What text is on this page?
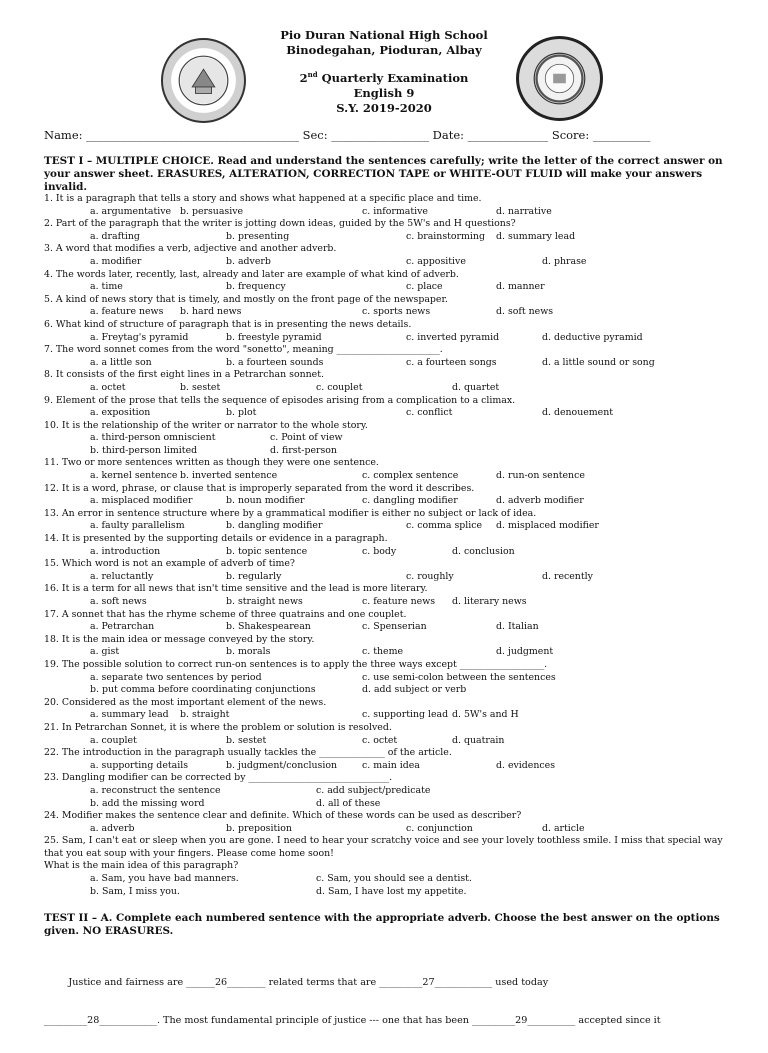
Pio Duran National High School
Binodegahan, Pioduran, Albay
2nd Quarterly Examination
English 9
S.Y. 2019-2020
Name: _____________________________________ Sec: _________________ Date: ______________ Score: __________
TEST I – MULTIPLE CHOICE. Read and understand the sentences carefully; write the letter of the correct answer on your answer sheet. ERASURES, ALTERATION, CORRECTION TAPE or WHITE-OUT FLUID will make your answers invalid.
1. It is a paragraph that tells a story and shows what happened at a specific place and time.
a. argumentative b. persuasive	c. informative	d. narrative
2. Part of the paragraph that the writer is jotting down ideas, guided by the 5W's and H questions?
a. drafting	b. presenting	c. brainstorming d. summary lead
3. A word that modifies a verb, adjective and another adverb.
a. modifier	b. adverb	c. appositive	d. phrase
4. The words later, recently, last, already and later are example of what kind of adverb.
a. time	b. frequency	c. place	d. manner
5. A kind of news story that is timely, and mostly on the front page of the newspaper.
a. feature news b. hard news	c. sports news	d. soft news
6. What kind of structure of paragraph that is in presenting the news details.
a. Freytag's pyramid	b. freestyle pyramid	c. inverted pyramid	d. deductive pyramid
7. The word sonnet comes from the word "sonetto", meaning ______________________.
a. a little son	b. a fourteen sounds	c. a fourteen songs	d. a little sound or song
8. It consists of the first eight lines in a Petrarchan sonnet.
a. octet	b. sestet	c. couplet	d. quartet
9. Element of the prose that tells the sequence of episodes arising from a complication to a climax.
a. exposition	b. plot	c. conflict	d. denouement
10. It is the relationship of the writer or narrator to the whole story.
a. third-person omniscient	c. Point of view
b. third-person limited	d. first-person
11. Two or more sentences written as though they were one sentence.
a. kernel sentence b. inverted sentence	c. complex sentence	d. run-on sentence
12. It is a word, phrase, or clause that is improperly separated from the word it describes.
a. misplaced modifier	b. noun modifier	c. dangling modifier	d. adverb modifier
13. An error in sentence structure where by a grammatical modifier is either no subject or lack of idea.
a. faulty parallelism	b. dangling modifier	c. comma splice d. misplaced modifier
14. It is presented by the supporting details or evidence in a paragraph.
a. introduction	b. topic sentence	c. body	d. conclusion
15. Which word is not an example of adverb of time?
a. reluctantly	b. regularly	c. roughly	d. recently
16. It is a term for all news that isn't time sensitive and the lead is more literary.
a. soft news	b. straight news	c. feature news d. literary news
17. A sonnet that has the rhyme scheme of three quatrains and one couplet.
a. Petrarchan	b. Shakespearean	c. Spenserian	d. Italian
18. It is the main idea or message conveyed by the story.
a. gist	b. morals	c. theme	d. judgment
19. The possible solution to correct run-on sentences is to apply the three ways except __________________.
a. separate two sentences by period	c. use semi-colon between the sentences
b. put comma before coordinating conjunctions	d. add subject or verb
20. Considered as the most important element of the news.
a. summary lead b. straight	c. supporting lead d. 5W's and H
21. In Petrarchan Sonnet, it is where the problem or solution is resolved.
a. couplet	b. sestet	c. octet	d. quatrain
22. The introduction in the paragraph usually tackles the ______________ of the article.
a. supporting details	b. judgment/conclusion	c. main idea	d. evidences
23. Dangling modifier can be corrected by ______________________________.
a. reconstruct the sentence	c. add subject/predicate
b. add the missing word	d. all of these
24. Modifier makes the sentence clear and definite. Which of these words can be used as describer?
a. adverb	b. preposition	c. conjunction	d. article
25. Sam, I can't eat or sleep when you are gone. I need to hear your scratchy voice and see your lovely toothless smile. I miss that special way that you eat soup with your fingers. Please come home soon!
What is the main idea of this paragraph?
a. Sam, you have bad manners.	c. Sam, you should see a dentist.
b. Sam, I miss you.	d. Sam, I have lost my appetite.
TEST II – A. Complete each numbered sentence with the appropriate adverb. Choose the best answer on the options given. NO ERASURES.

Justice and fairness are ______26________ related terms that are _________27____________ used today

_________28____________. The most fundamental principle of justice --- one that has been _________29__________ accepted since it
